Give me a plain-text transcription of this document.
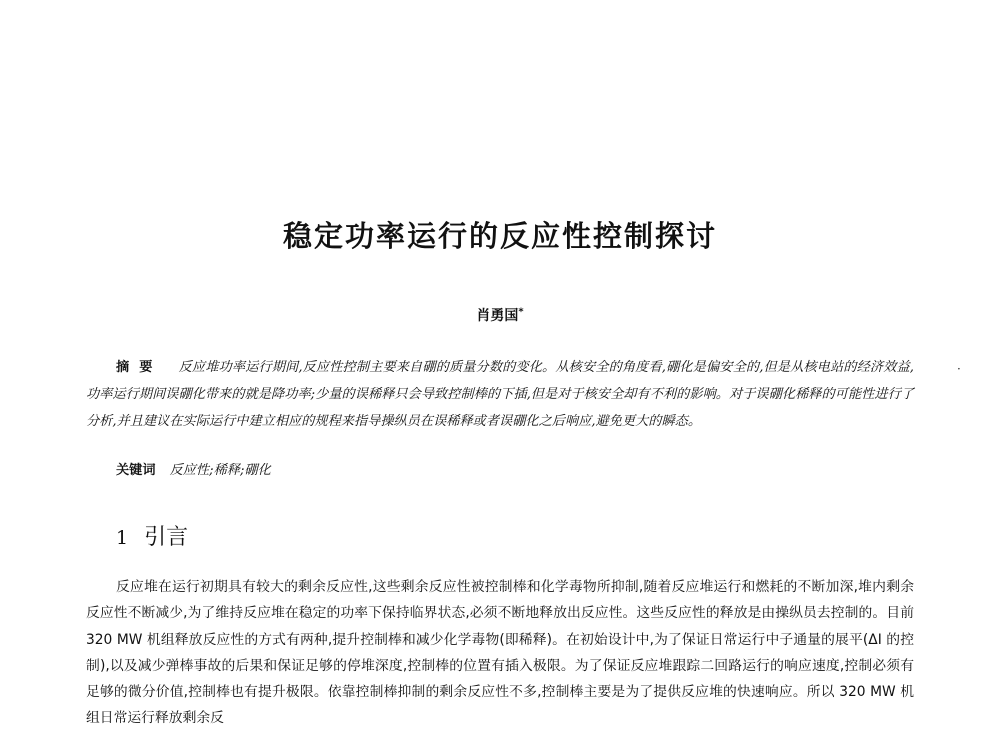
稳定功率运行的反应性控制探讨
肖勇国*
·

摘要 反应堆功率运行期间,反应性控制主要来自硼的质量分数的变化。从核安全的角度看,硼化是偏安全的,但是从核电站的经济效益,功率运行期间误硼化带来的就是降功率;少量的误稀释只会导致控制棒的下插,但是对于核安全却有不利的影响。对于误硼化稀释的可能性进行了分析,并且建议在实际运行中建立相应的规程来指导操纵员在误稀释或者误硼化之后响应,避免更大的瞬态。

关键词 反应性;稀释;硼化

1 引言

反应堆在运行初期具有较大的剩余反应性,这些剩余反应性被控制棒和化学毒物所抑制,随着反应堆运行和燃耗的不断加深,堆内剩余反应性不断减少,为了维持反应堆在稳定的功率下保持临界状态,必须不断地释放出反应性。这些反应性的释放是由操纵员去控制的。目前 320 MW 机组释放反应性的方式有两种,提升控制棒和减少化学毒物(即稀释)。在初始设计中,为了保证日常运行中子通量的展平(ΔI 的控制),以及减少弹棒事故的后果和保证足够的停堆深度,控制棒的位置有插入极限。为了保证反应堆跟踪二回路运行的响应速度,控制必须有足够的微分价值,控制棒也有提升极限。依靠控制棒抑制的剩余反应性不多,控制棒主要是为了提供反应堆的快速响应。所以 320 MW 机组日常运行释放剩余反
